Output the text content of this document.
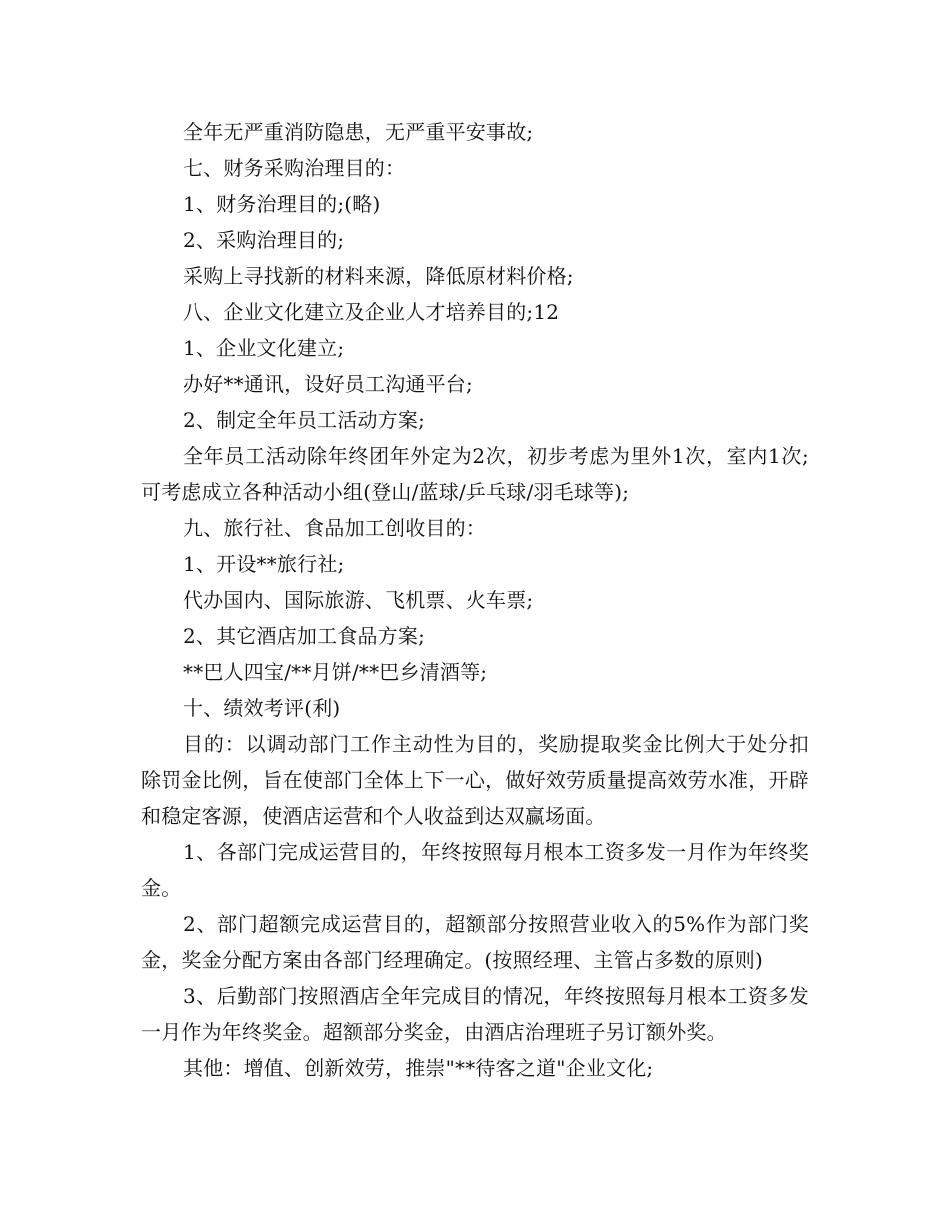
全年无严重消防隐患，无严重平安事故;

七、财务采购治理目的：

1、财务治理目的;(略)

2、采购治理目的;

采购上寻找新的材料来源，降低原材料价格;

八、企业文化建立及企业人才培养目的;12

1、企业文化建立;

办好**通讯，设好员工沟通平台;

2、制定全年员工活动方案;

全年员工活动除年终团年外定为2次，初步考虑为里外1次，室内1次;可考虑成立各种活动小组(登山/蓝球/乒乓球/羽毛球等);

九、旅行社、食品加工创收目的：

1、开设**旅行社;

代办国内、国际旅游、飞机票、火车票;

2、其它酒店加工食品方案;

**巴人四宝/**月饼/**巴乡清酒等;

十、绩效考评(利)

目的：以调动部门工作主动性为目的，奖励提取奖金比例大于处分扣除罚金比例，旨在使部门全体上下一心，做好效劳质量提高效劳水准，开辟和稳定客源，使酒店运营和个人收益到达双赢场面。

1、各部门完成运营目的，年终按照每月根本工资多发一月作为年终奖金。

2、部门超额完成运营目的，超额部分按照营业收入的5%作为部门奖金，奖金分配方案由各部门经理确定。(按照经理、主管占多数的原则)

3、后勤部门按照酒店全年完成目的情况，年终按照每月根本工资多发一月作为年终奖金。超额部分奖金，由酒店治理班子另订额外奖。

其他：增值、创新效劳，推崇"**待客之道"企业文化;
